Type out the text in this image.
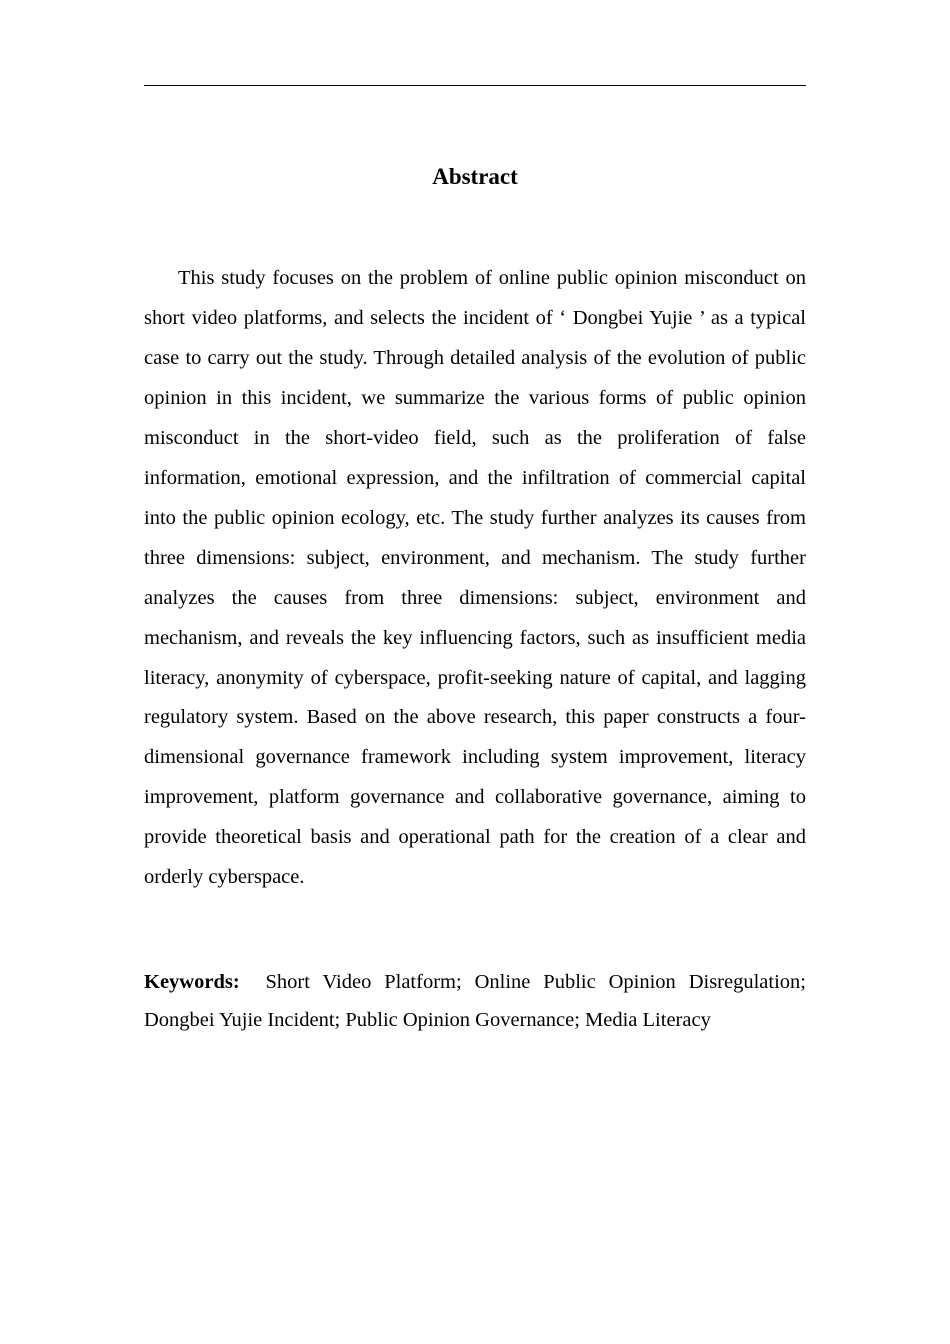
Abstract

This study focuses on the problem of online public opinion misconduct on short video platforms, and selects the incident of ‘ Dongbei Yujie ’ as a typical case to carry out the study. Through detailed analysis of the evolution of public opinion in this incident, we summarize the various forms of public opinion misconduct in the short-video field, such as the proliferation of false information, emotional expression, and the infiltration of commercial capital into the public opinion ecology, etc. The study further analyzes its causes from three dimensions: subject, environment, and mechanism. The study further analyzes the causes from three dimensions: subject, environment and mechanism, and reveals the key influencing factors, such as insufficient media literacy, anonymity of cyberspace, profit-seeking nature of capital, and lagging regulatory system. Based on the above research, this paper constructs a four-dimensional governance framework including system improvement, literacy improvement, platform governance and collaborative governance, aiming to provide theoretical basis and operational path for the creation of a clear and orderly cyberspace.

Keywords: Short Video Platform; Online Public Opinion Disregulation; Dongbei Yujie Incident; Public Opinion Governance; Media Literacy
